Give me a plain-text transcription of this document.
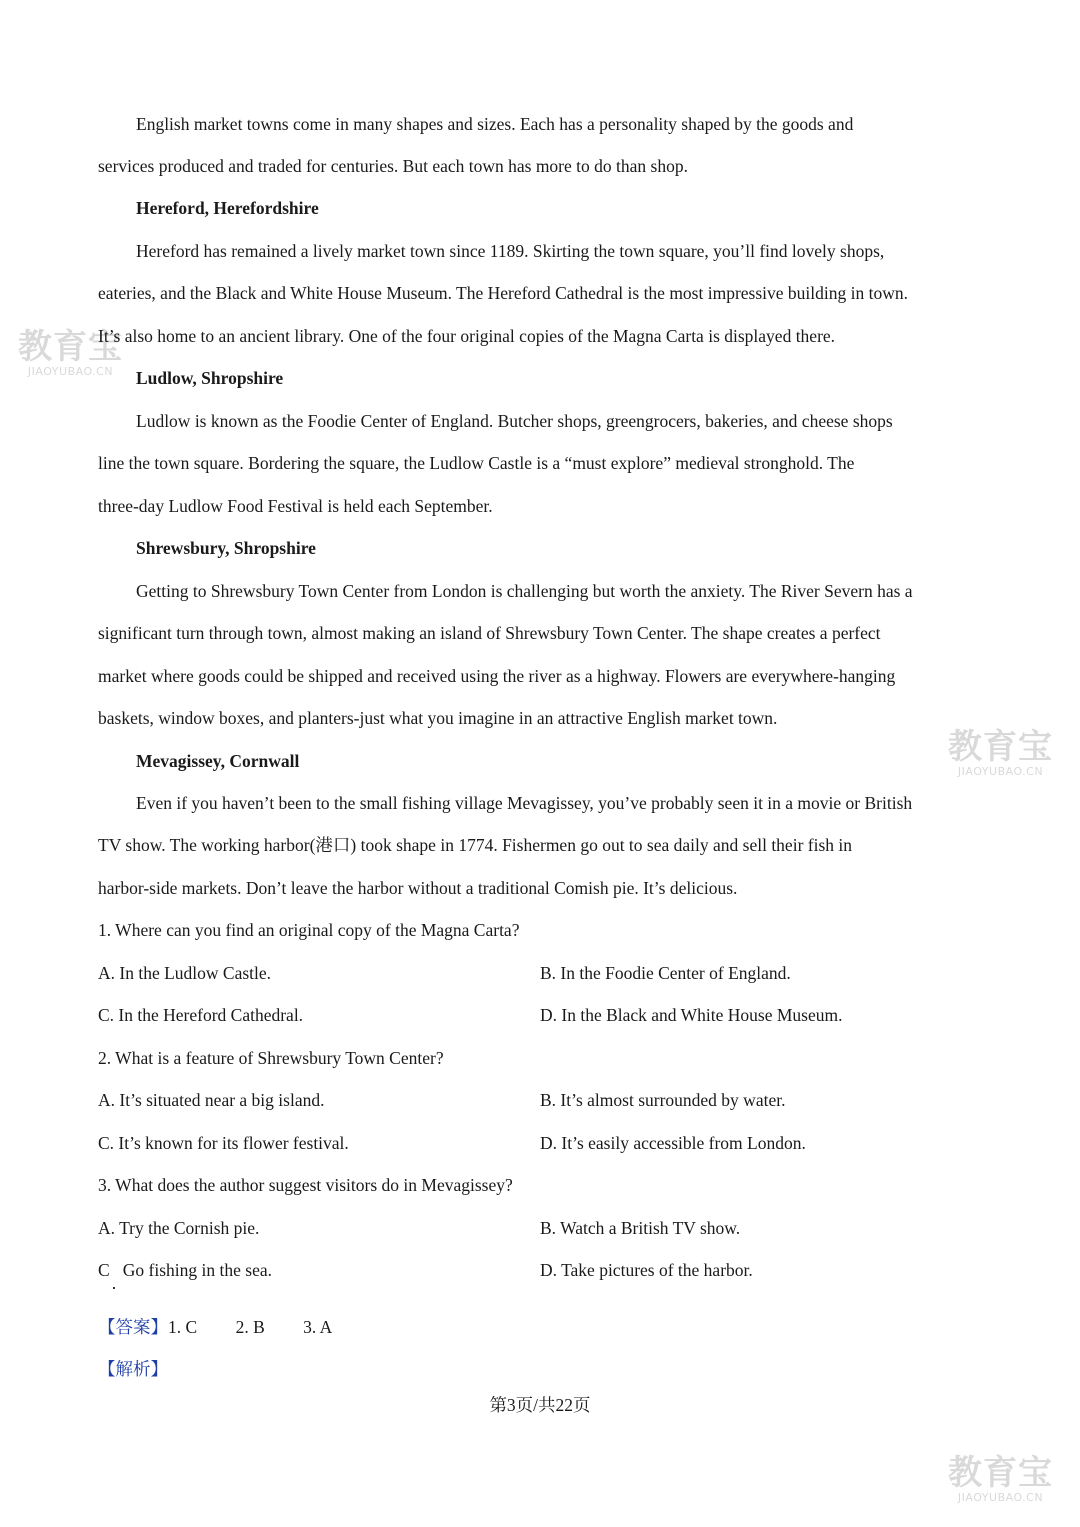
教育宝
JIAOYUBAO.CN
教育宝
JIAOYUBAO.CN
教育宝
JIAOYUBAO.CN
English market towns come in many shapes and sizes. Each has a personality shaped by the goods and
services produced and traded for centuries. But each town has more to do than shop.
Hereford, Herefordshire
Hereford has remained a lively market town since 1189. Skirting the town square, you’ll find lovely shops,
eateries, and the Black and White House Museum. The Hereford Cathedral is the most impressive building in town.
It’s also home to an ancient library. One of the four original copies of the Magna Carta is displayed there.
Ludlow, Shropshire
Ludlow is known as the Foodie Center of England. Butcher shops, greengrocers, bakeries, and cheese shops
line the town square. Bordering the square, the Ludlow Castle is a “must explore” medieval stronghold. The
three-day Ludlow Food Festival is held each September.
Shrewsbury, Shropshire
Getting to Shrewsbury Town Center from London is challenging but worth the anxiety. The River Severn has a
significant turn through town, almost making an island of Shrewsbury Town Center. The shape creates a perfect
market where goods could be shipped and received using the river as a highway. Flowers are everywhere-hanging
baskets, window boxes, and planters-just what you imagine in an attractive English market town.
Mevagissey, Cornwall
Even if you haven’t been to the small fishing village Mevagissey, you’ve probably seen it in a movie or British
TV show. The working harbor(港口) took shape in 1774. Fishermen go out to sea daily and sell their fish in
harbor-side markets. Don’t leave the harbor without a traditional Comish pie. It’s delicious.
1. Where can you find an original copy of the Magna Carta?
A. In the Ludlow Castle.	B. In the Foodie Center of England.
C. In the Hereford Cathedral.	D. In the Black and White House Museum.
2. What is a feature of Shrewsbury Town Center?
A. It’s situated near a big island.	B. It’s almost surrounded by water.
C. It’s known for its flower festival.	D. It’s easily accessible from London.
3. What does the author suggest visitors do in Mevagissey?
A. Try the Cornish pie.	B. Watch a British TV show.
C   Go fishing in the sea.	D. Take pictures of the harbor.
【答案】1. C 2. B 3. A
【解析】
第3页/共22页
